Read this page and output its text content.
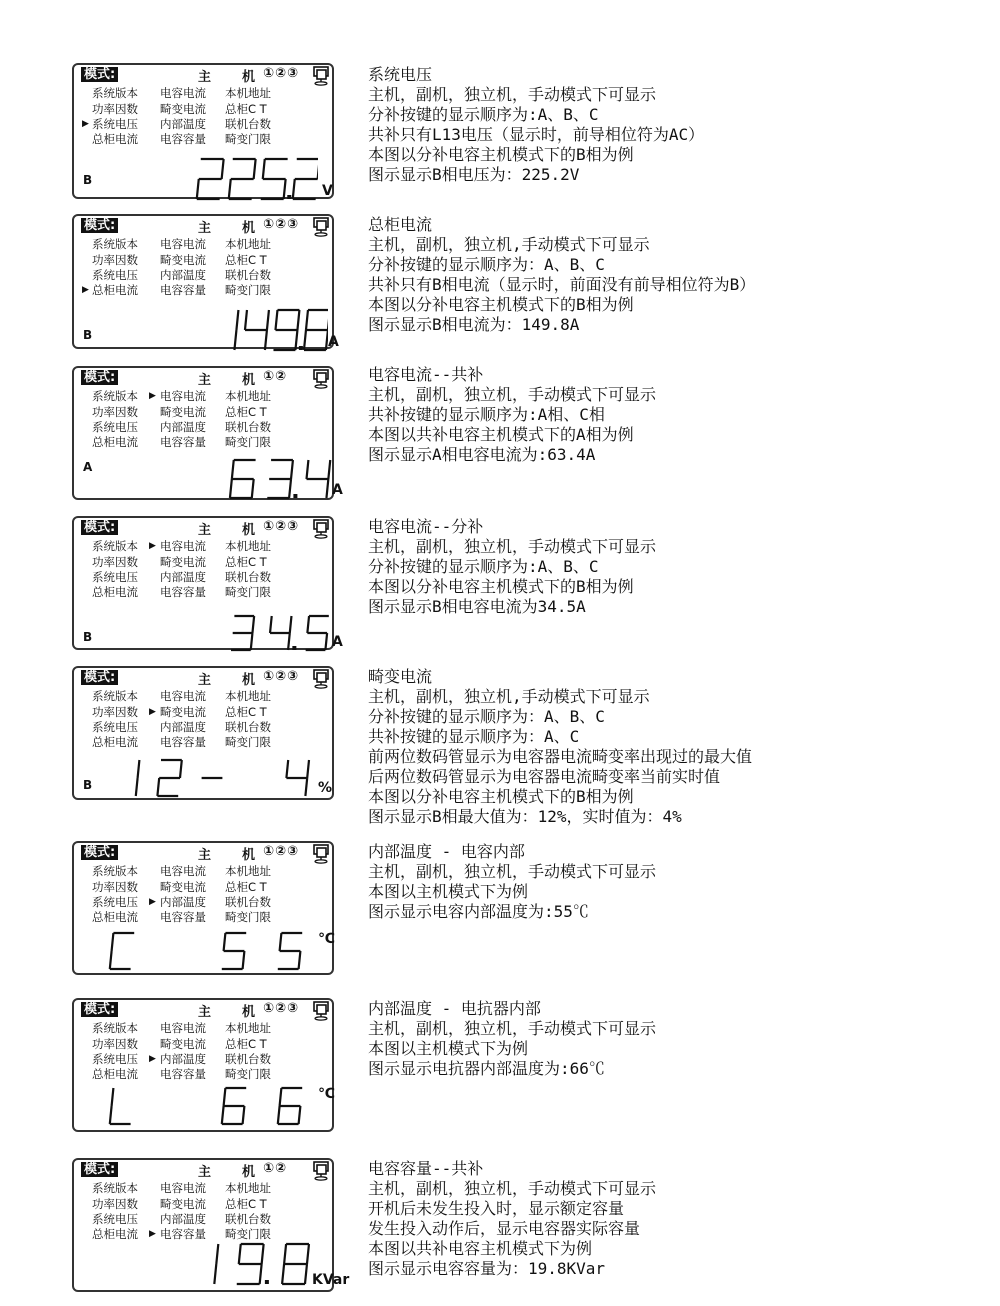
模式:	主 机 ①②③
系统版本 电容电流 本机地址
功率因数 畸变电流 总柜C T
系统电压 内部温度 联机台数
▶
总柜电流 电容容量 畸变门限
B
V
系统电压
主机，副机，独立机，手动模式下可显示
分补按键的显示顺序为:A、B、C
共补只有L13电压（显示时，前导相位符为AC）
本图以分补电容主机模式下的B相为例
图示显示B相电压为：225.2V
模式:	主 机 ①②③
系统版本 电容电流 本机地址
功率因数 畸变电流 总柜C T
系统电压 内部温度 联机台数
总柜电流 电容容量 畸变门限
▶
B	A
总柜电流
主机，副机，独立机,手动模式下可显示
分补按键的显示顺序为：A、B、C
共补只有B相电流（显示时，前面没有前导相位符为B）
本图以分补电容主机模式下的B相为例
图示显示B相电流为：149.8A
模式:	主 机 ①②
系统版本 电容电流 本机地址
▶
功率因数 畸变电流 总柜C T
系统电压 内部温度 联机台数
总柜电流 电容容量 畸变门限
A
A
电容电流--共补
主机，副机，独立机，手动模式下可显示
共补按键的显示顺序为:A相、C相
本图以共补电容主机模式下的A相为例
图示显示A相电容电流为:63.4A
模式:	主 机 ①②③
系统版本 电容电流 本机地址
▶
功率因数 畸变电流 总柜C T
系统电压 内部温度 联机台数
总柜电流 电容容量 畸变门限
B	A
电容电流--分补
主机，副机，独立机，手动模式下可显示
分补按键的显示顺序为:A、B、C
本图以分补电容主机模式下的B相为例
图示显示B相电容电流为34.5A
模式:	主 机 ①②③
系统版本 电容电流 本机地址
功率因数 畸变电流 总柜C T
▶
系统电压 内部温度 联机台数
总柜电流 电容容量 畸变门限
B	%
畸变电流
主机，副机，独立机,手动模式下可显示
分补按键的显示顺序为：A、B、C
共补按键的显示顺序为：A、C
前两位数码管显示为电容器电流畸变率出现过的最大值
后两位数码管显示为电容器电流畸变率当前实时值
本图以分补电容主机模式下的B相为例
图示显示B相最大值为：12%，实时值为：4%
模式:	主 机 ①②③
系统版本 电容电流 本机地址
功率因数 畸变电流 总柜C T
系统电压 内部温度 联机台数
▶
总柜电流 电容容量 畸变门限
℃
内部温度 - 电容内部
主机，副机，独立机，手动模式下可显示
本图以主机模式下为例
图示显示电容内部温度为:55℃
模式:	主 机 ①②③
系统版本 电容电流 本机地址
功率因数 畸变电流 总柜C T
系统电压 内部温度 联机台数
▶
总柜电流 电容容量 畸变门限
℃
内部温度 - 电抗器内部
主机，副机，独立机，手动模式下可显示
本图以主机模式下为例
图示显示电抗器内部温度为:66℃
模式:	主 机 ①②
系统版本 电容电流 本机地址
功率因数 畸变电流 总柜C T
系统电压 内部温度 联机台数
总柜电流 电容容量 畸变门限
▶
KVar
电容容量--共补
主机，副机，独立机，手动模式下可显示
开机后未发生投入时，显示额定容量
发生投入动作后，显示电容器实际容量
本图以共补电容主机模式下为例
图示显示电容容量为：19.8KVar
